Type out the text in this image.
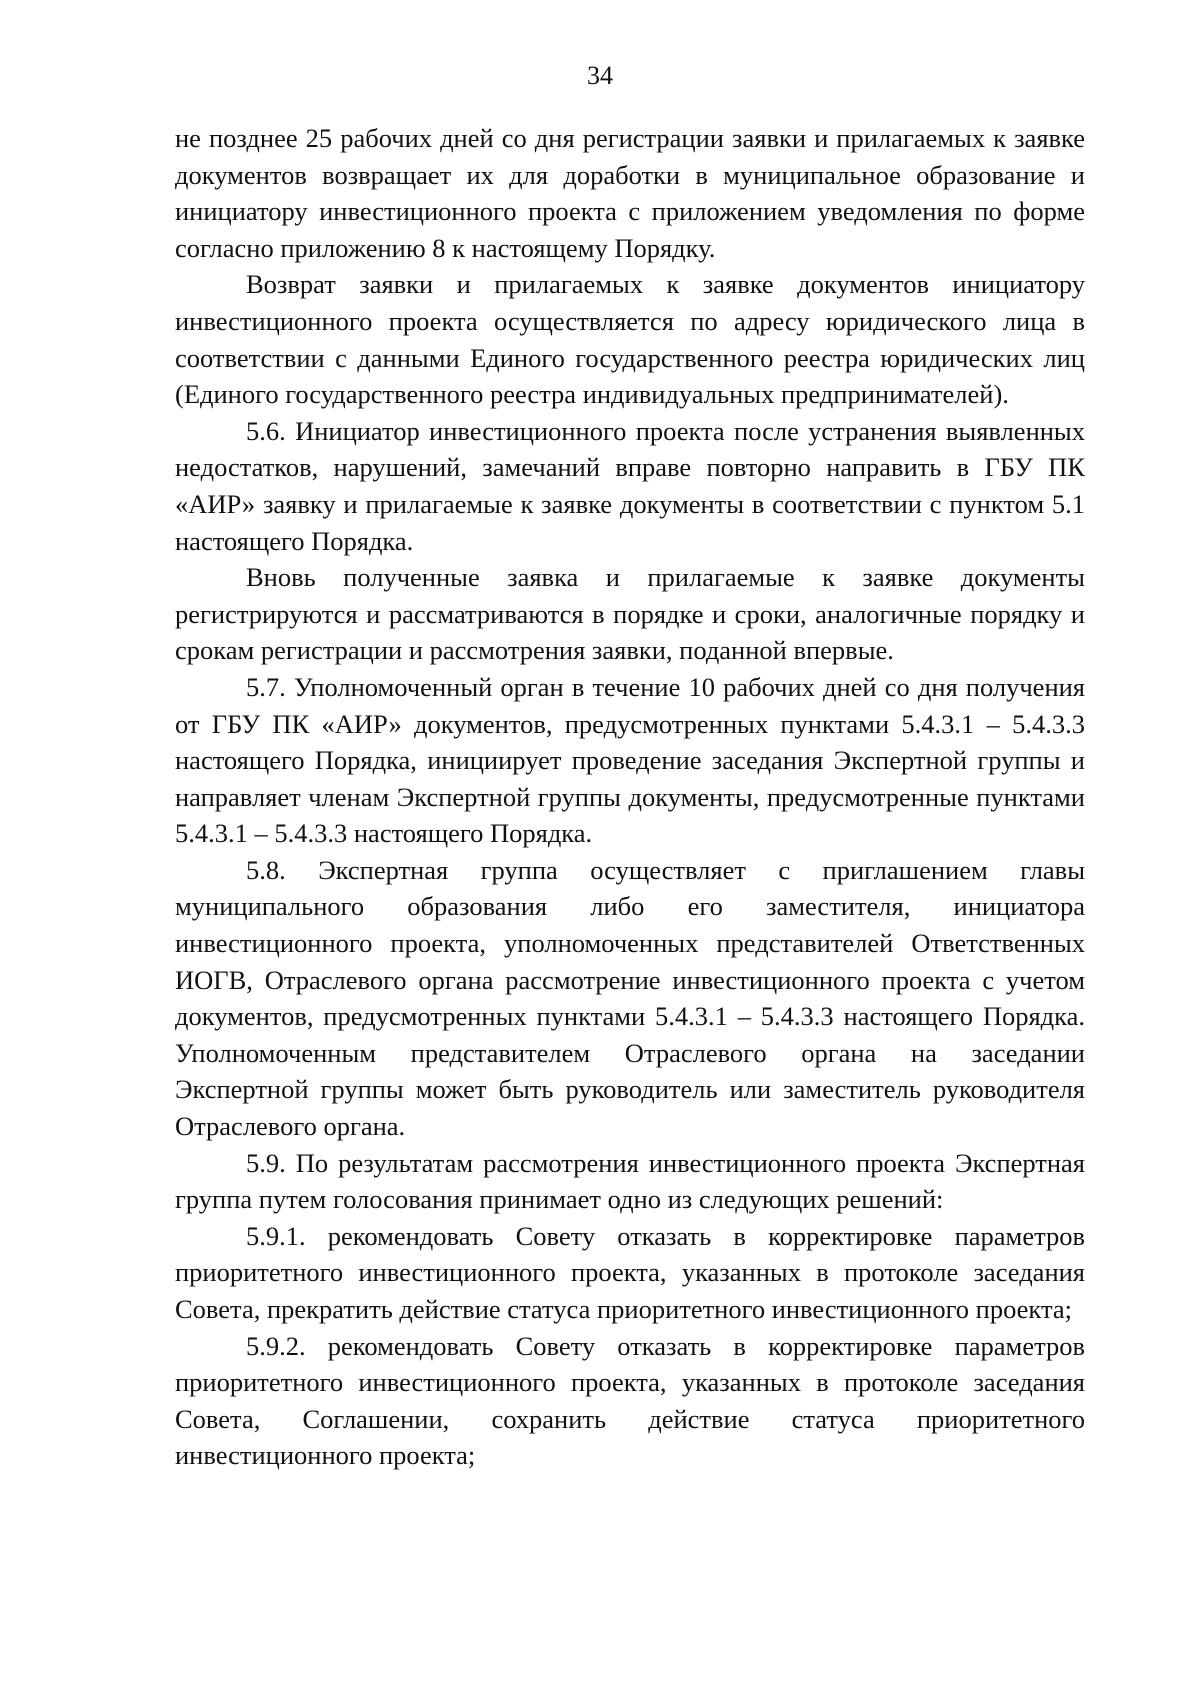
34

не позднее 25 рабочих дней со дня регистрации заявки и прилагаемых к заявке документов возвращает их для доработки в муниципальное образование и инициатору инвестиционного проекта с приложением уведомления по форме согласно приложению 8 к настоящему Порядку.

Возврат заявки и прилагаемых к заявке документов инициатору инвестиционного проекта осуществляется по адресу юридического лица в соответствии с данными Единого государственного реестра юридических лиц (Единого государственного реестра индивидуальных предпринимателей).

5.6. Инициатор инвестиционного проекта после устранения выявленных недостатков, нарушений, замечаний вправе повторно направить в ГБУ ПК «АИР» заявку и прилагаемые к заявке документы в соответствии с пунктом 5.1 настоящего Порядка.

Вновь полученные заявка и прилагаемые к заявке документы регистрируются и рассматриваются в порядке и сроки, аналогичные порядку и срокам регистрации и рассмотрения заявки, поданной впервые.

5.7. Уполномоченный орган в течение 10 рабочих дней со дня получения от ГБУ ПК «АИР» документов, предусмотренных пунктами 5.4.3.1 – 5.4.3.3 настоящего Порядка, инициирует проведение заседания Экспертной группы и направляет членам Экспертной группы документы, предусмотренные пунктами 5.4.3.1 – 5.4.3.3 настоящего Порядка.

5.8. Экспертная группа осуществляет с приглашением главы муниципального образования либо его заместителя, инициатора инвестиционного проекта, уполномоченных представителей Ответственных ИОГВ, Отраслевого органа рассмотрение инвестиционного проекта с учетом документов, предусмотренных пунктами 5.4.3.1 – 5.4.3.3 настоящего Порядка. Уполномоченным представителем Отраслевого органа на заседании Экспертной группы может быть руководитель или заместитель руководителя Отраслевого органа.

5.9. По результатам рассмотрения инвестиционного проекта Экспертная группа путем голосования принимает одно из следующих решений:

5.9.1. рекомендовать Совету отказать в корректировке параметров приоритетного инвестиционного проекта, указанных в протоколе заседания Совета, прекратить действие статуса приоритетного инвестиционного проекта;

5.9.2. рекомендовать Совету отказать в корректировке параметров приоритетного инвестиционного проекта, указанных в протоколе заседания Совета, Соглашении, сохранить действие статуса приоритетного инвестиционного проекта;
